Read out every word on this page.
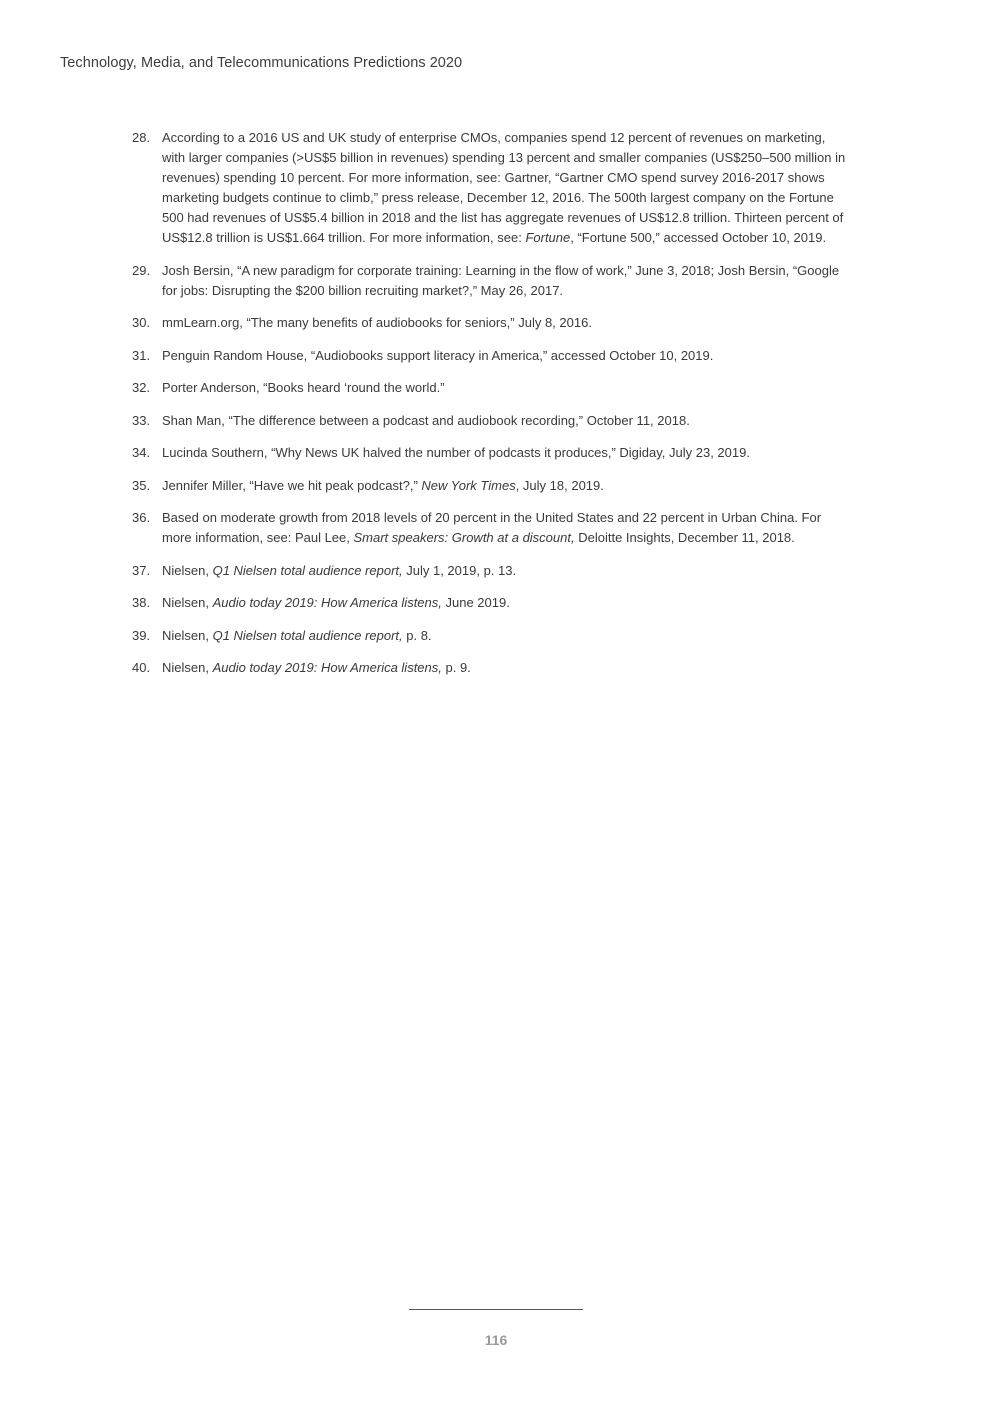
Technology, Media, and Telecommunications Predictions 2020
28. According to a 2016 US and UK study of enterprise CMOs, companies spend 12 percent of revenues on marketing, with larger companies (>US$5 billion in revenues) spending 13 percent and smaller companies (US$250–500 million in revenues) spending 10 percent. For more information, see: Gartner, “Gartner CMO spend survey 2016-2017 shows marketing budgets continue to climb,” press release, December 12, 2016. The 500th largest company on the Fortune 500 had revenues of US$5.4 billion in 2018 and the list has aggregate revenues of US$12.8 trillion. Thirteen percent of US$12.8 trillion is US$1.664 trillion. For more information, see: Fortune, “Fortune 500,” accessed October 10, 2019.
29. Josh Bersin, “A new paradigm for corporate training: Learning in the flow of work,” June 3, 2018; Josh Bersin, “Google for jobs: Disrupting the $200 billion recruiting market?,” May 26, 2017.
30. mmLearn.org, “The many benefits of audiobooks for seniors,” July 8, 2016.
31. Penguin Random House, “Audiobooks support literacy in America,” accessed October 10, 2019.
32. Porter Anderson, “Books heard ‘round the world.”
33. Shan Man, “The difference between a podcast and audiobook recording,” October 11, 2018.
34. Lucinda Southern, “Why News UK halved the number of podcasts it produces,” Digiday, July 23, 2019.
35. Jennifer Miller, “Have we hit peak podcast?,” New York Times, July 18, 2019.
36. Based on moderate growth from 2018 levels of 20 percent in the United States and 22 percent in Urban China. For more information, see: Paul Lee, Smart speakers: Growth at a discount, Deloitte Insights, December 11, 2018.
37. Nielsen, Q1 Nielsen total audience report, July 1, 2019, p. 13.
38. Nielsen, Audio today 2019: How America listens, June 2019.
39. Nielsen, Q1 Nielsen total audience report, p. 8.
40. Nielsen, Audio today 2019: How America listens, p. 9.
116
